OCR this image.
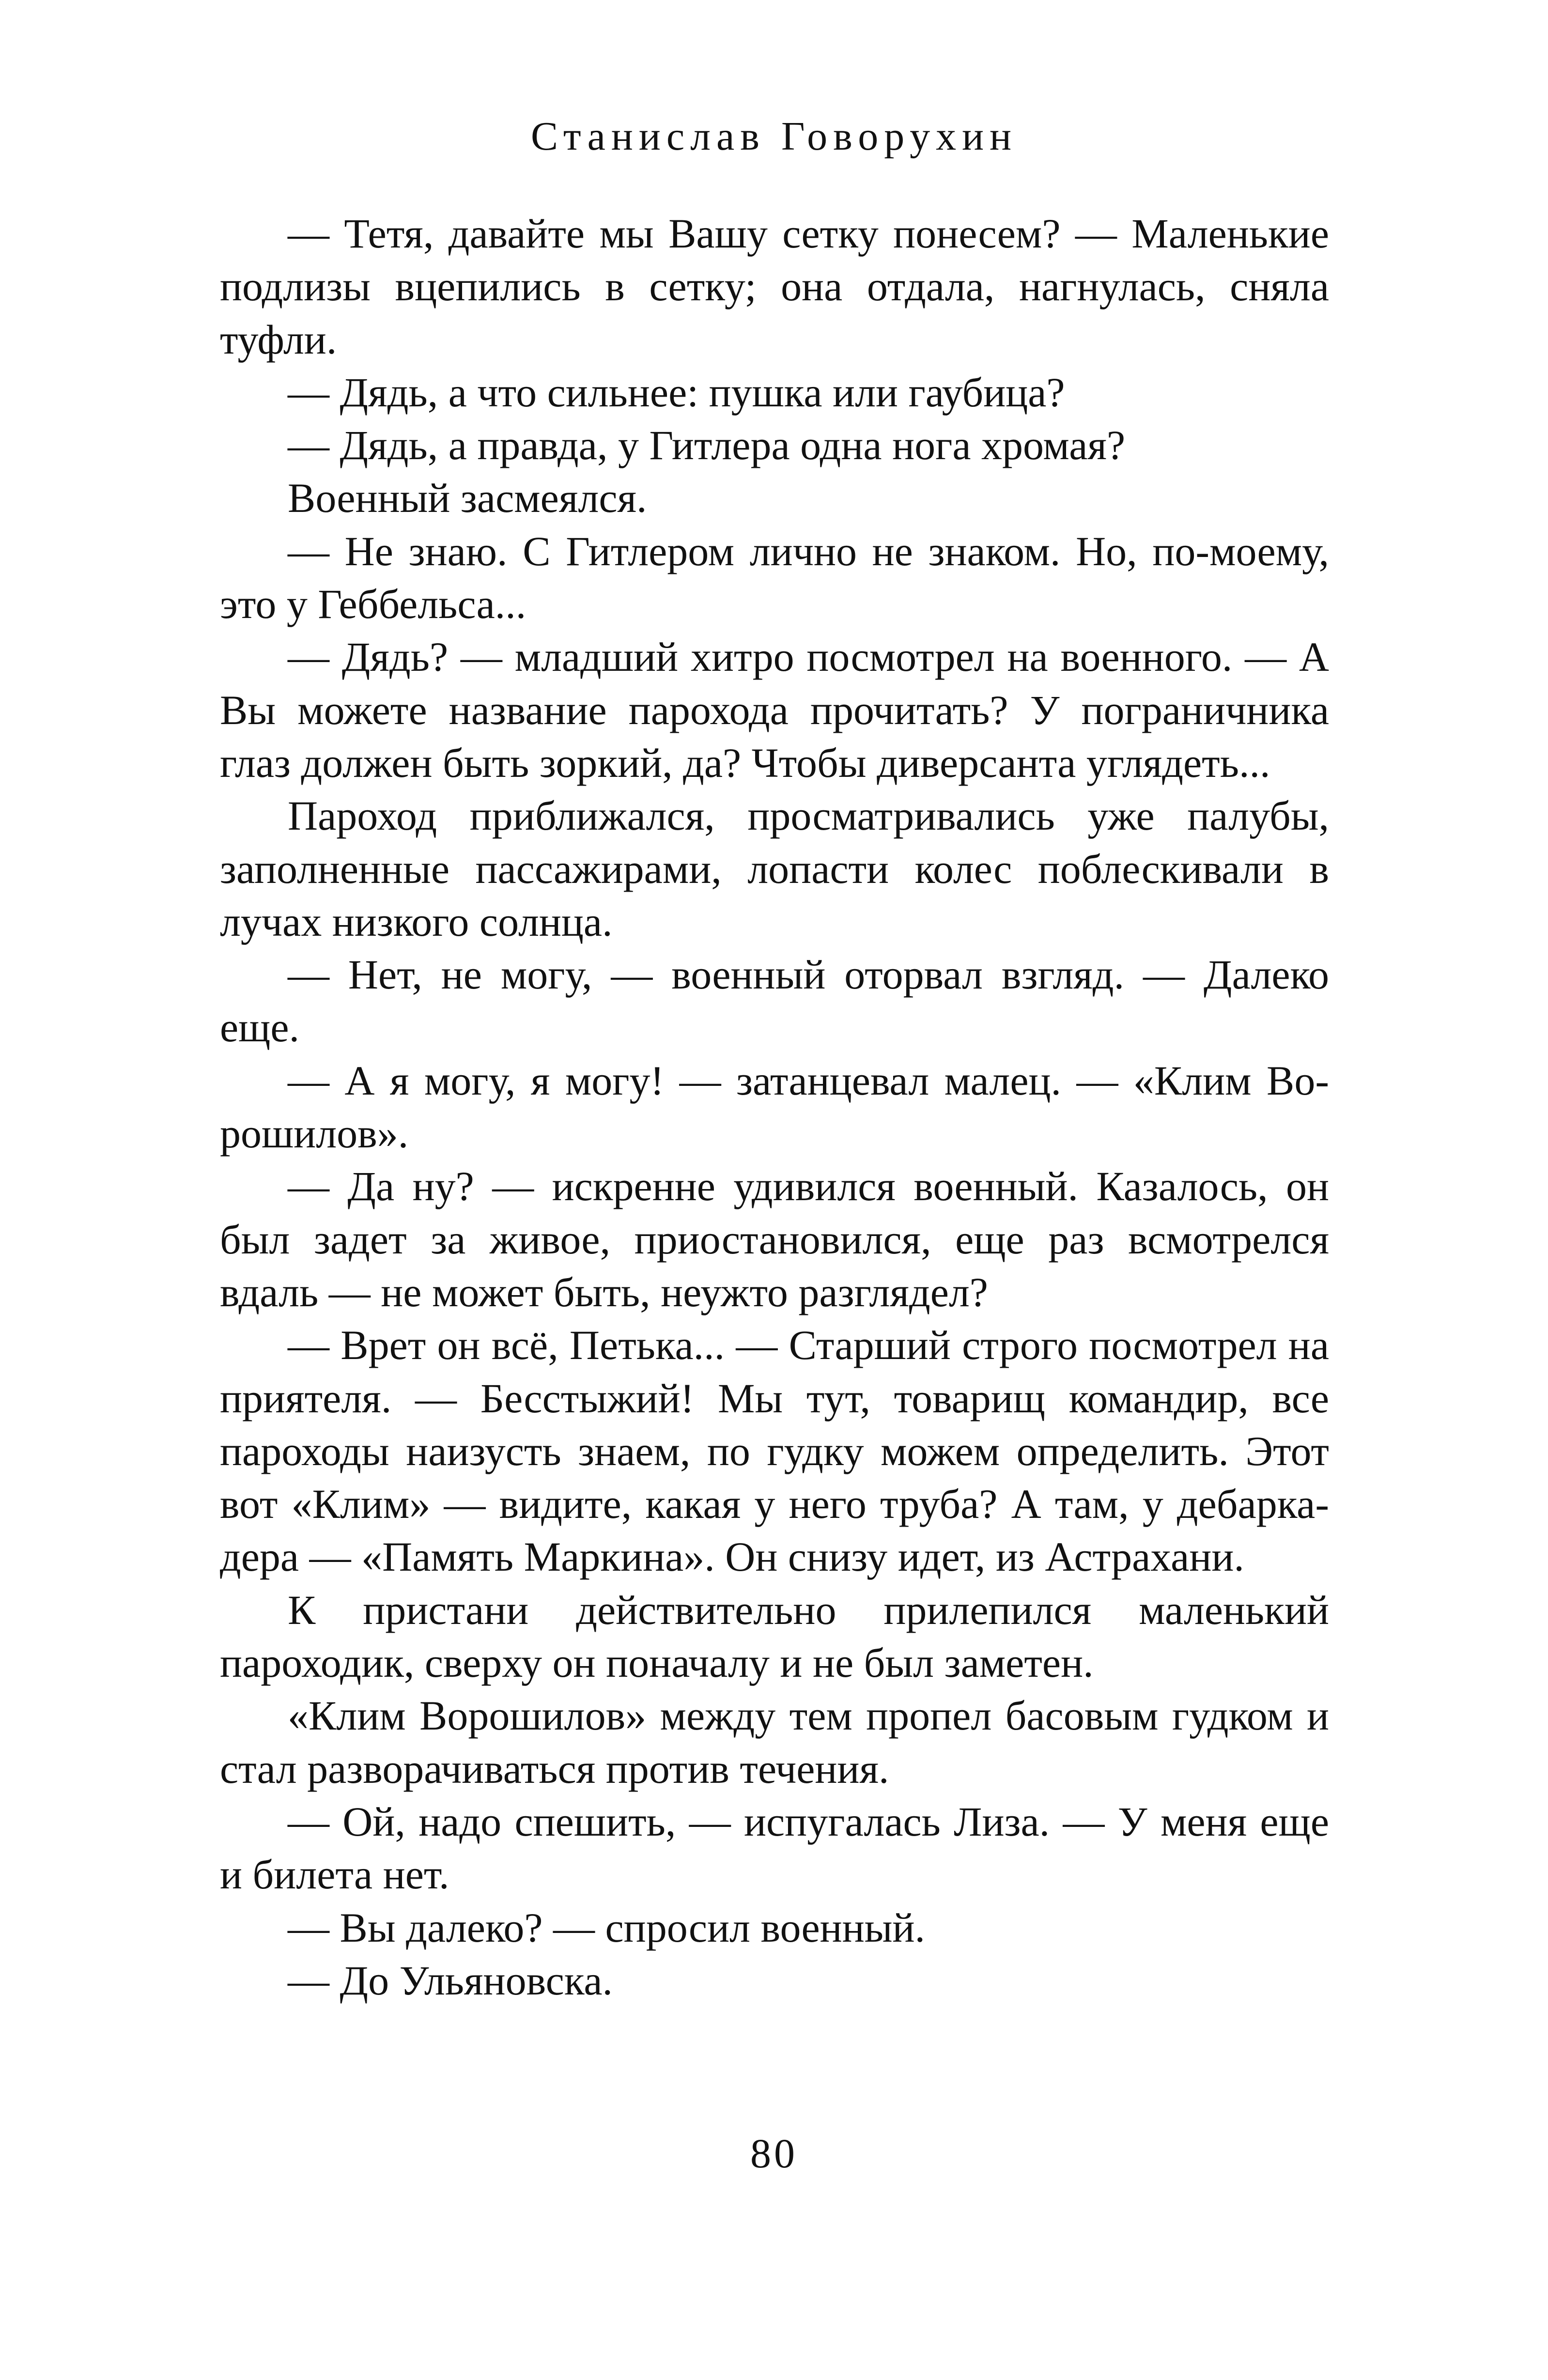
Станислав Говорухин

— Тетя, давайте мы Вашу сетку понесем? — Маленькие подлизы вцепились в сетку; она отдала, нагнулась, сняла туфли.

— Дядь, а что сильнее: пушка или гаубица?

— Дядь, а правда, у Гитлера одна нога хромая?

Военный засмеялся.

— Не знаю. С Гитлером лично не знаком. Но, по-моему, это у Геббельса...

— Дядь? — младший хитро посмотрел на военного. — А Вы можете название парохода прочитать? У пограничника глаз должен быть зоркий, да? Чтобы диверсанта углядеть...

Пароход приближался, просматривались уже палубы, заполненные пассажирами, лопасти колес поблескивали в лучах низкого солнца.

— Нет, не могу, — военный оторвал взгляд. — Далеко еще.

— А я могу, я могу! — затанцевал малец. — «Клим Ворошилов».

— Да ну? — искренне удивился военный. Казалось, он был задет за живое, приостановился, еще раз всмотрелся вдаль — не может быть, неужто разглядел?

— Врет он всё, Петька... — Старший строго посмотрел на приятеля. — Бесстыжий! Мы тут, товарищ командир, все пароходы наизусть знаем, по гудку можем определить. Этот вот «Клим» — видите, какая у него труба? А там, у дебаркадера — «Память Маркина». Он снизу идет, из Астрахани.

К пристани действительно прилепился маленький пароходик, сверху он поначалу и не был заметен.

«Клим Ворошилов» между тем пропел басовым гудком и стал разворачиваться против течения.

— Ой, надо спешить, — испугалась Лиза. — У меня еще и билета нет.

— Вы далеко? — спросил военный.

— До Ульяновска.

80
